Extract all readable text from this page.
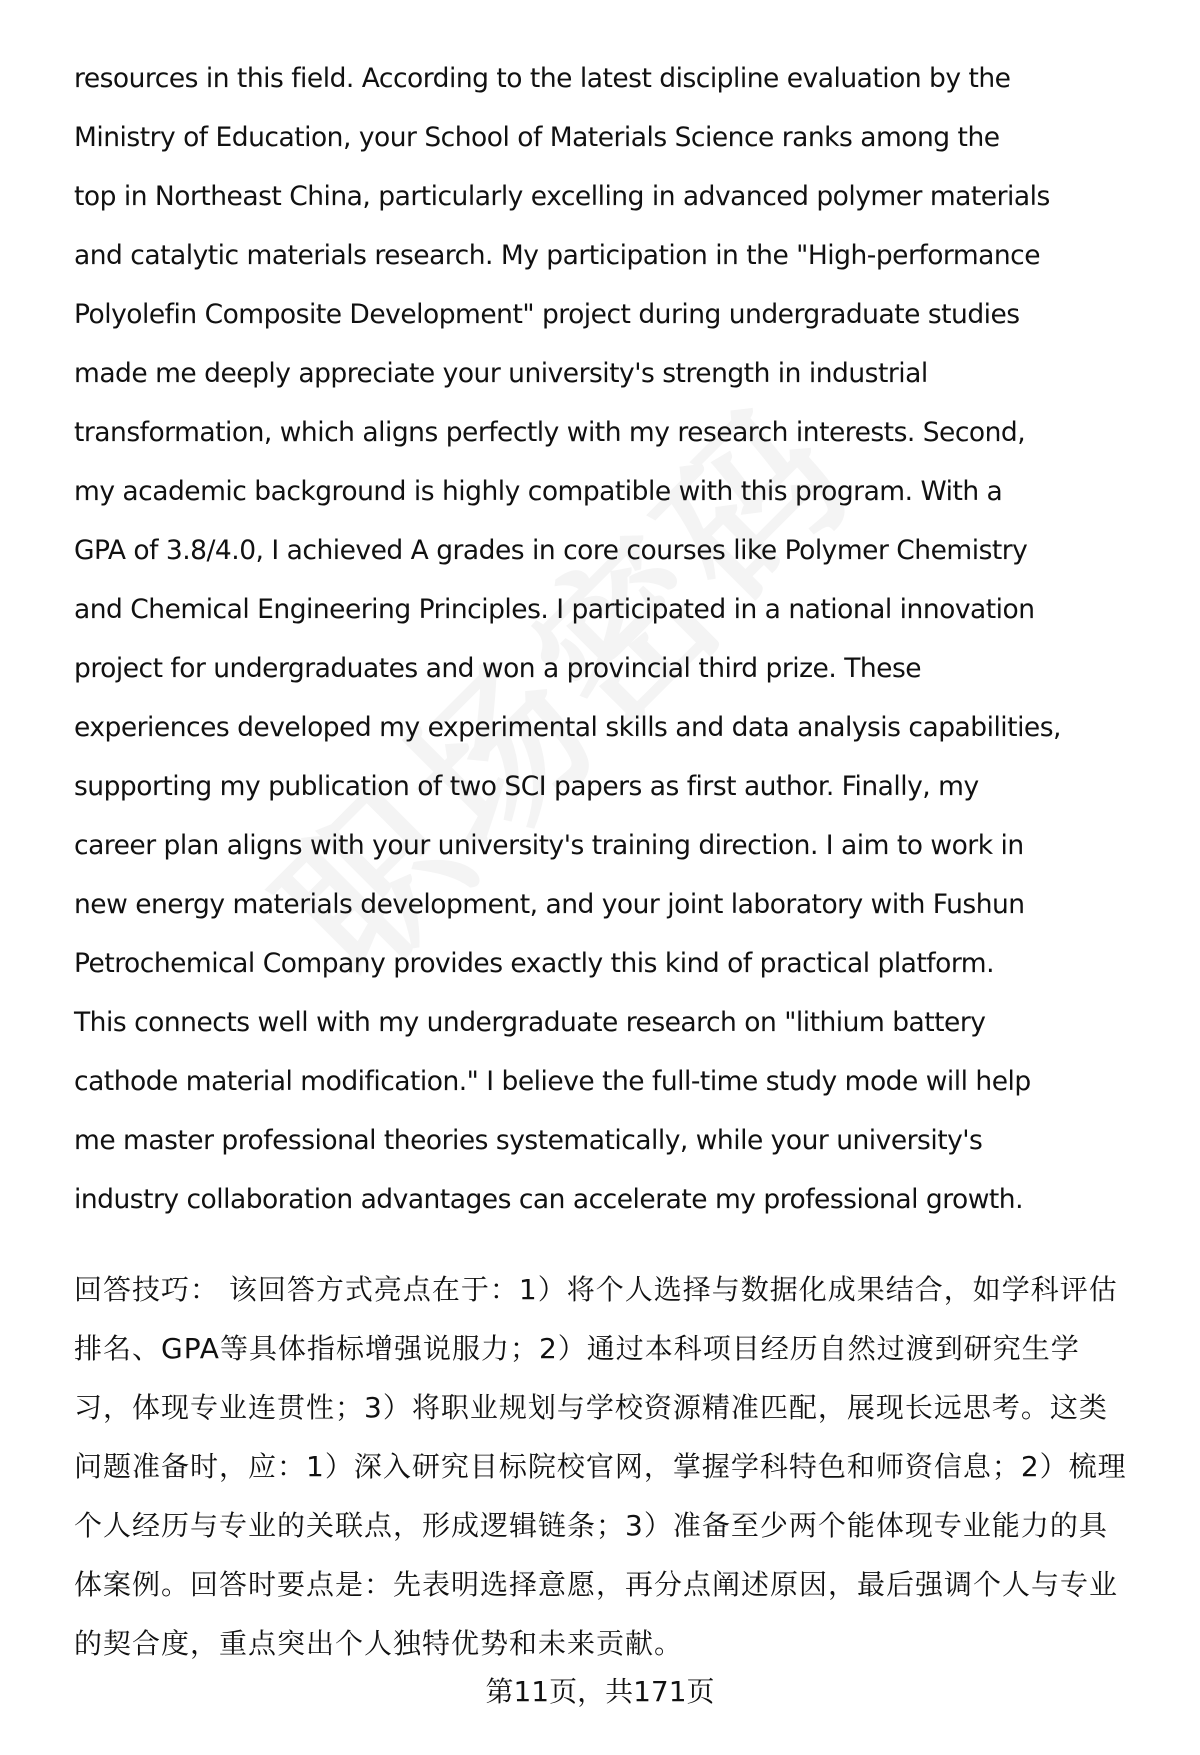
resources in this field. According to the latest discipline evaluation by the
Ministry of Education, your School of Materials Science ranks among the
top in Northeast China, particularly excelling in advanced polymer materials
and catalytic materials research. My participation in the "High-performance
Polyolefin Composite Development" project during undergraduate studies
made me deeply appreciate your university's strength in industrial
transformation, which aligns perfectly with my research interests. Second,
my academic background is highly compatible with this program. With a
GPA of 3.8/4.0, I achieved A grades in core courses like Polymer Chemistry
and Chemical Engineering Principles. I participated in a national innovation
project for undergraduates and won a provincial third prize. These
experiences developed my experimental skills and data analysis capabilities,
supporting my publication of two SCI papers as first author. Finally, my
career plan aligns with your university's training direction. I aim to work in
new energy materials development, and your joint laboratory with Fushun
Petrochemical Company provides exactly this kind of practical platform.
This connects well with my undergraduate research on "lithium battery
cathode material modification." I believe the full-time study mode will help
me master professional theories systematically, while your university's
industry collaboration advantages can accelerate my professional growth.
回答技巧： 该回答方式亮点在于：1）将个人选择与数据化成果结合，如学科评估
排名、GPA等具体指标增强说服力；2）通过本科项目经历自然过渡到研究生学
习，体现专业连贯性；3）将职业规划与学校资源精准匹配，展现长远思考。这类
问题准备时，应：1）深入研究目标院校官网，掌握学科特色和师资信息；2）梳理
个人经历与专业的关联点，形成逻辑链条；3）准备至少两个能体现专业能力的具
体案例。回答时要点是：先表明选择意愿，再分点阐述原因，最后强调个人与专业
的契合度，重点突出个人独特优势和未来贡献。
第11页，共171页
